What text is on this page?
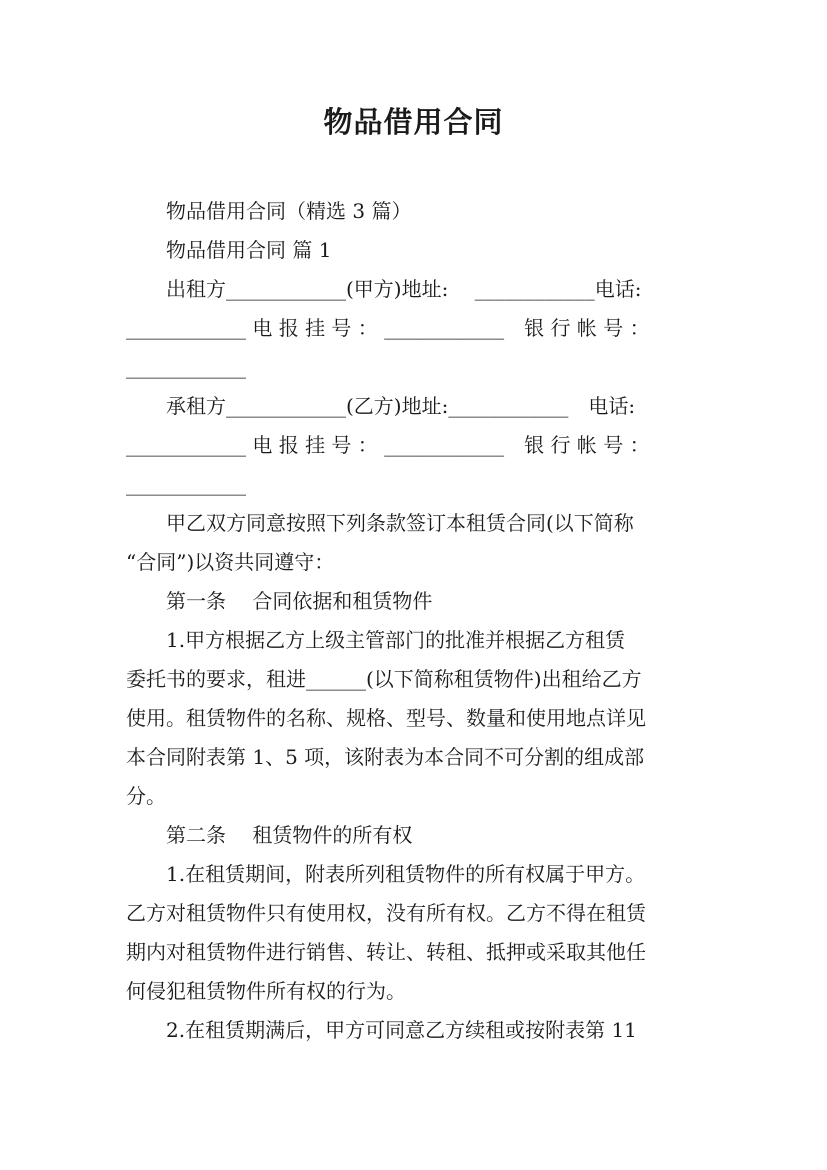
物品借用合同
　　物品借用合同（精选 3 篇）
　　物品借用合同 篇 1
　　出租方____________(甲方)地址:　 ____________电话:
____________ 电 报 挂 号 ： ____________　银 行 帐 号 ：
____________
　　承租方____________(乙方)地址:____________　电话:
____________ 电 报 挂 号 ： ____________　银 行 帐 号 ：
____________
　　甲乙双方同意按照下列条款签订本租赁合同(以下简称
“合同”)以资共同遵守：
　　第一条　 合同依据和租赁物件
　　1.甲方根据乙方上级主管部门的批准并根据乙方租赁
委托书的要求，租进______(以下简称租赁物件)出租给乙方
使用。租赁物件的名称、规格、型号、数量和使用地点详见
本合同附表第 1、5 项，该附表为本合同不可分割的组成部
分。
　　第二条　 租赁物件的所有权
　　1.在租赁期间，附表所列租赁物件的所有权属于甲方。
乙方对租赁物件只有使用权，没有所有权。乙方不得在租赁
期内对租赁物件进行销售、转让、转租、抵押或采取其他任
何侵犯租赁物件所有权的行为。
　　2.在租赁期满后，甲方可同意乙方续租或按附表第 11
